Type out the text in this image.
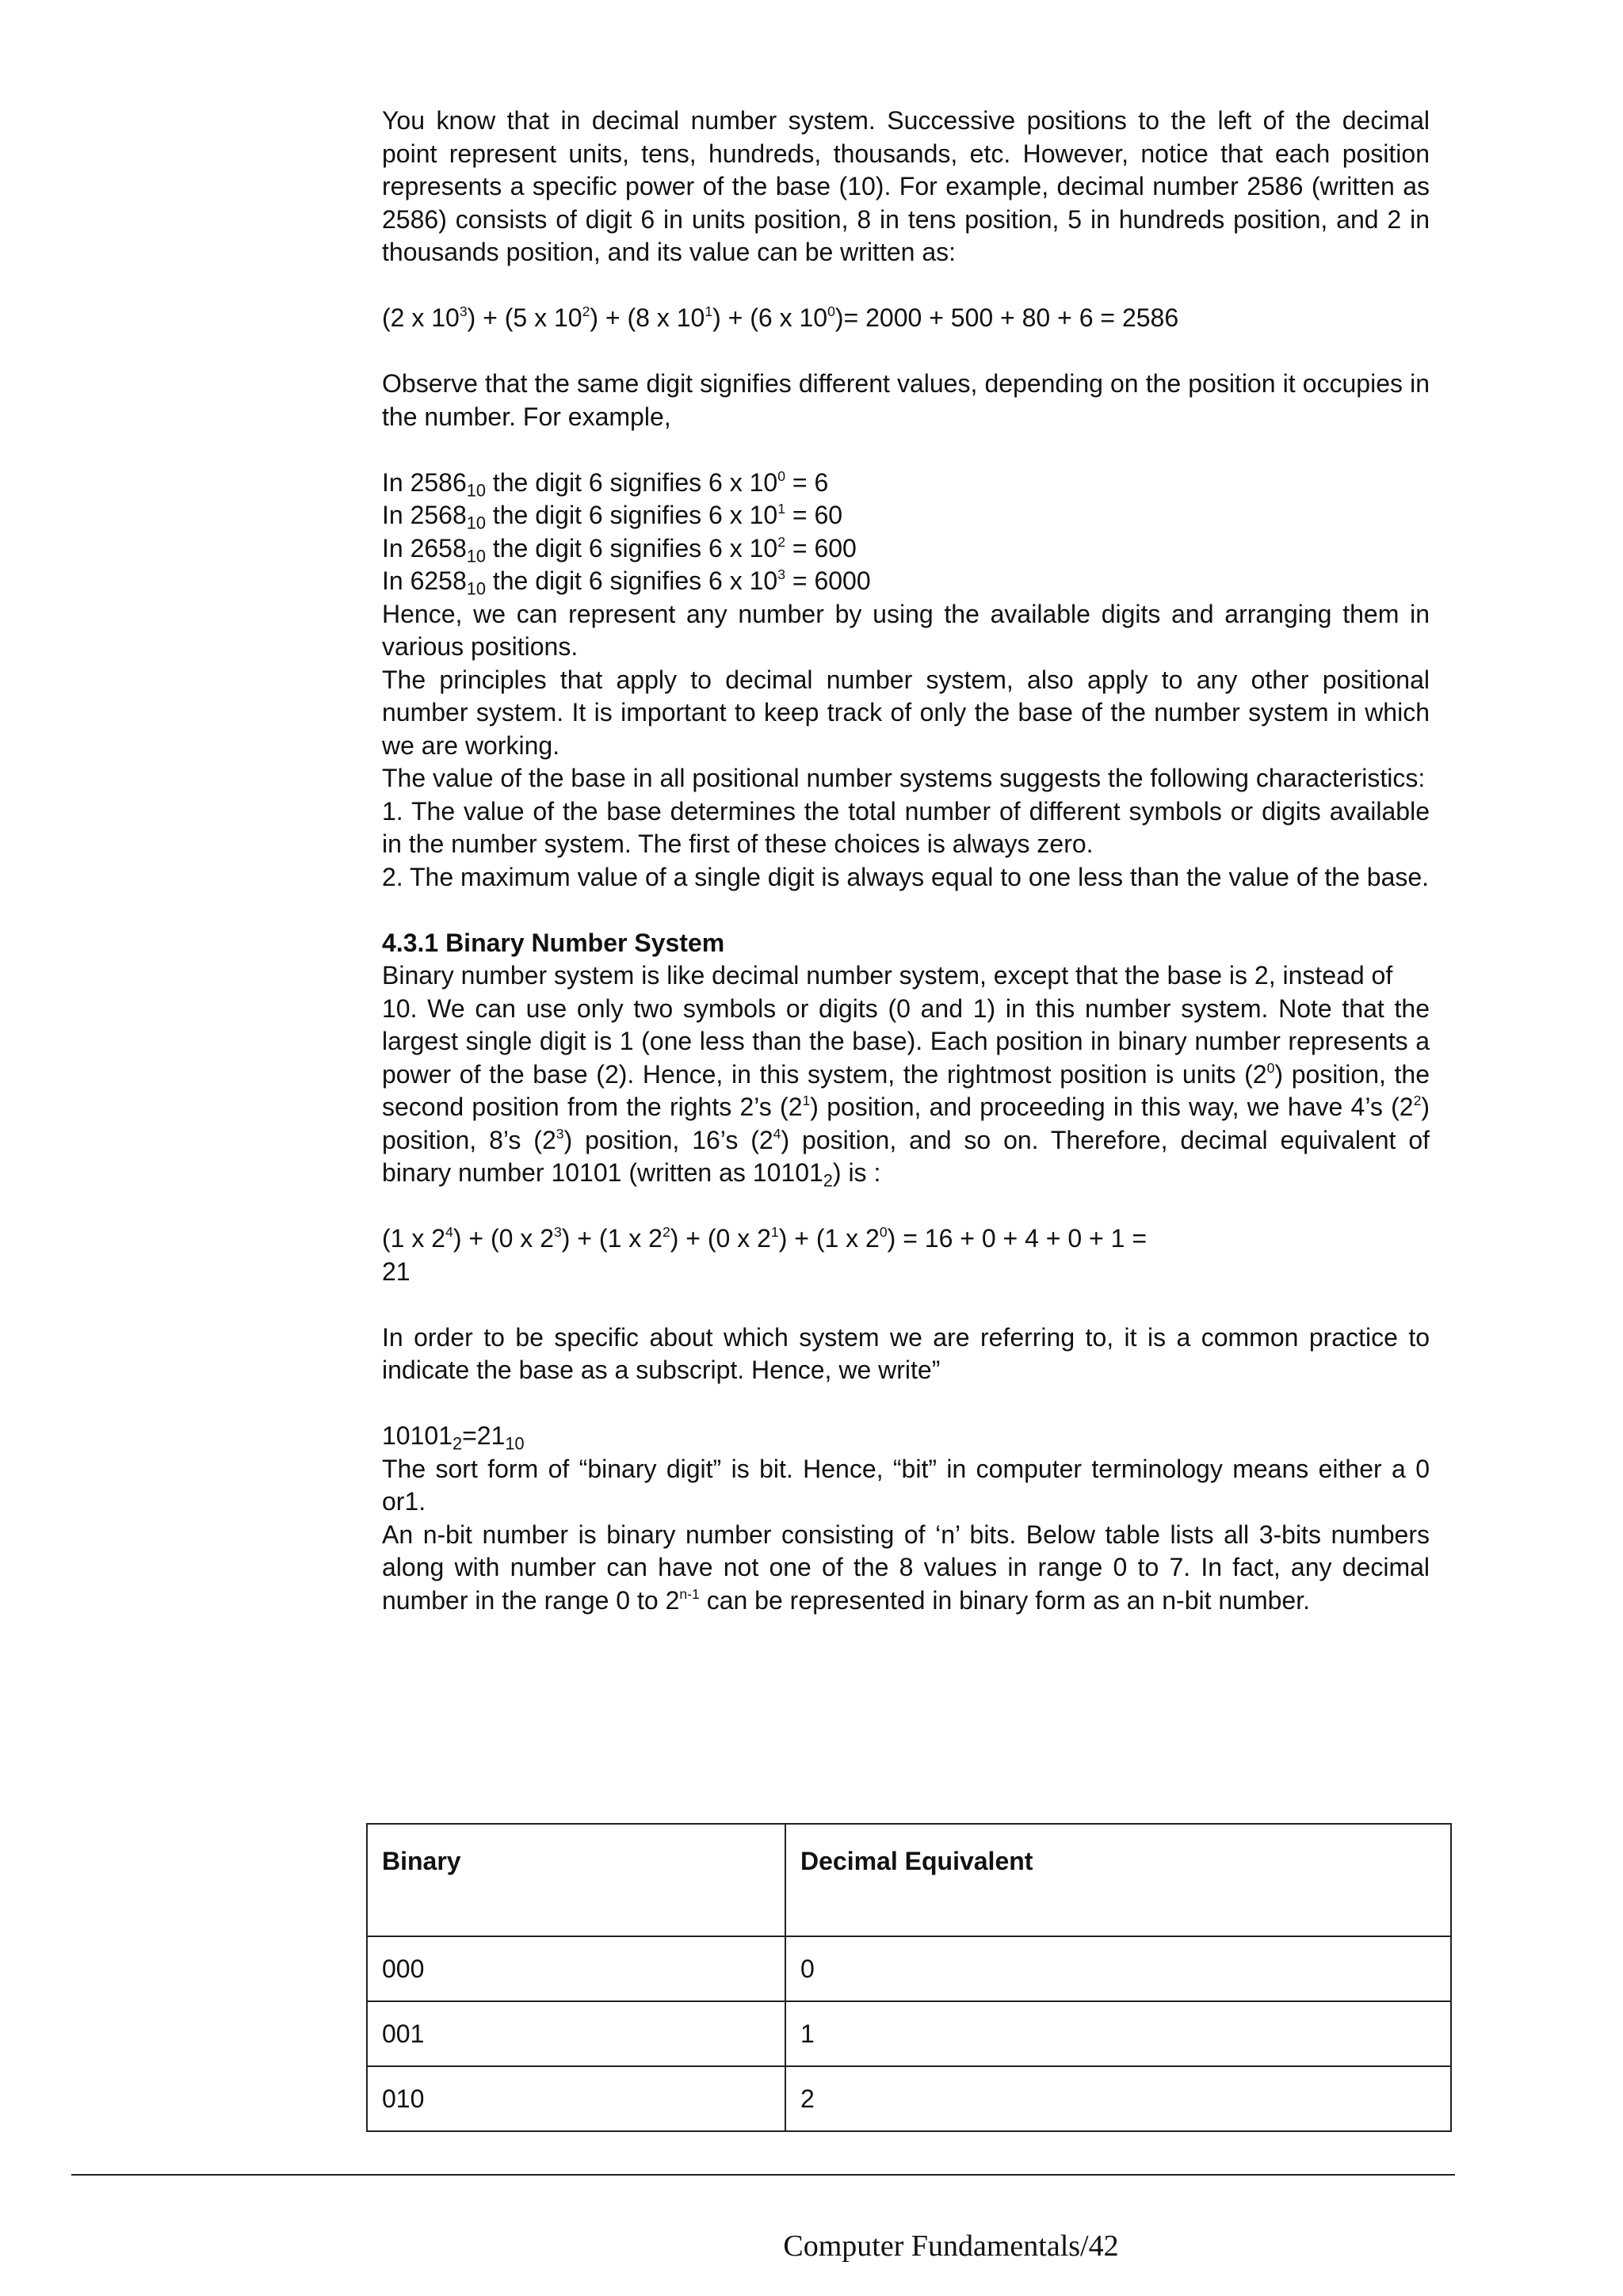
You know that in decimal number system. Successive positions to the left of the decimal point represent units, tens, hundreds, thousands, etc. However, notice that each position represents a specific power of the base (10). For example, decimal number 2586 (written as 2586) consists of digit 6 in units position, 8 in tens position, 5 in hundreds position, and 2 in thousands position, and its value can be written as:

(2 x $10^3) + (5$ x $10^2) + (8$ x $10^1) + (6$ x $10^0)= 2000 + 500 + 80 + 6 = 2586$

Observe that the same digit signifies different values, depending on the position it occupies in the number. For example,

In $2586_{10}$ the digit 6 signifies 6 x $10^0 = 6$

In $2568_{10}$ the digit 6 signifies 6 x $10^1 = 60$

In $2658_{10}$ the digit 6 signifies 6 x $10^2 = 600$

In $6258_{10}$ the digit 6 signifies 6 x $10^3 = 6000$

Hence, we can represent any number by using the available digits and arranging them in various positions.

The principles that apply to decimal number system, also apply to any other positional number system. It is important to keep track of only the base of the number system in which we are working.

The value of the base in all positional number systems suggests the following characteristics:

1. The value of the base determines the total number of different symbols or digits available in the number system. The first of these choices is always zero.

2. The maximum value of a single digit is always equal to one less than the value of the base.

4.3.1 Binary Number System

Binary number system is like decimal number system, except that the base is 2, instead of

10. We can use only two symbols or digits (0 and 1) in this number system. Note that the largest single digit is 1 (one less than the base). Each position in binary number represents a power of the base (2). Hence, in this system, the rightmost position is units $(2^0)$ position, the second position from the rights 2’s $(2^1)$ position, and proceeding in this way, we have 4’s $(2^2)$ position, 8’s $(2^3)$ position, 16’s $(2^4)$ position, and so on. Therefore, decimal equivalent of binary number 10101 (written as $10101_2$) is :

(1 x $2^4) + (0$ x $2^3) + (1$ x $2^2) + (0$ x $2^1) + (1$ x $2^0) = 16 + 0 + 4 + 0 + 1$ =
21

In order to be specific about which system we are referring to, it is a common practice to indicate the base as a subscript. Hence, we write”

$10101_2=21_{10}$

The sort form of “binary digit” is bit. Hence, “bit” in computer terminology means either a 0 or1.

An n-bit number is binary number consisting of ‘n’ bits. Below table lists all 3-bits numbers along with number can have not one of the 8 values in range 0 to 7. In fact, any decimal number in the range 0 to 2$^{n-1}$ can be represented in binary form as an n-bit number.

Binary	Decimal Equivalent
000	0
001	1
010	2
Computer Fundamentals/42
